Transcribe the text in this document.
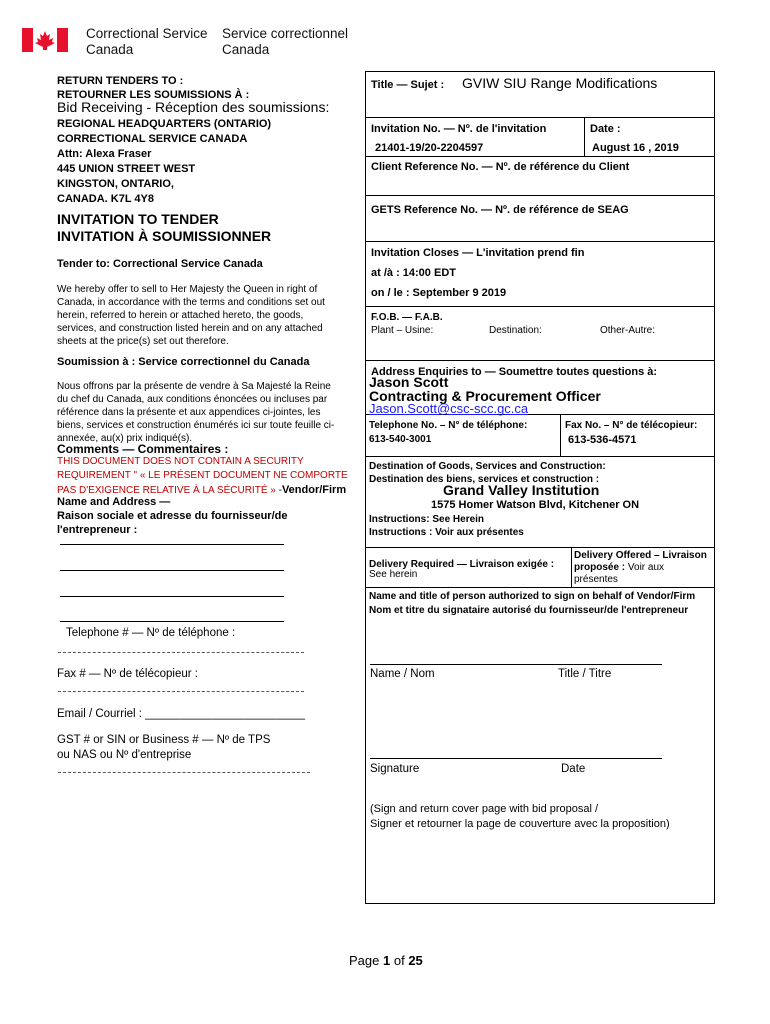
Correctional Service
Canada
Service correctionnel
Canada
RETURN TENDERS TO :
RETOURNER LES SOUMISSIONS À :
Bid Receiving - Réception des soumissions:
REGIONAL HEADQUARTERS (ONTARIO)
CORRECTIONAL SERVICE CANADA
Attn: Alexa Fraser
445 UNION STREET WEST
KINGSTON, ONTARIO,
CANADA. K7L 4Y8
INVITATION TO TENDER
INVITATION À SOUMISSIONNER
Tender to: Correctional Service Canada
We hereby offer to sell to Her Majesty the Queen in right of
Canada, in accordance with the terms and conditions set out
herein, referred to herein or attached hereto, the goods,
services, and construction listed herein and on any attached
sheets at the price(s) set out therefore.
Soumission à : Service correctionnel du Canada
Nous offrons par la présente de vendre à Sa Majesté la Reine
du chef du Canada, aux conditions énoncées ou incluses par
référence dans la présente et aux appendices ci-jointes, les
biens, services et construction énumérés ici sur toute feuille ci-
annexée, au(x) prix indiqué(s).
Comments — Commentaires :
THIS DOCUMENT DOES NOT CONTAIN A SECURITY
REQUIREMENT " « LE PRÉSENT DOCUMENT NE COMPORTE
PAS D'EXIGENCE RELATIVE À LA SÉCURITÉ » -Vendor/Firm
Name and Address —
Raison sociale et adresse du fournisseur/de
l'entrepreneur :
Telephone # — Nº de téléphone :
Fax # — Nº de télécopieur :
Email / Courriel : _________________________
GST # or SIN or Business # — Nº de TPS
ou NAS ou Nº d'entreprise
Title — Sujet : GVIW SIU Range Modifications
Invitation No. — Nº. de l'invitation
21401-19/20-2204597
Date :
August 16 , 2019
Client Reference No. — Nº. de référence du Client
GETS Reference No. — Nº. de référence de SEAG
Invitation Closes — L'invitation prend fin
at /à : 14:00 EDT
on / le : September 9 2019
F.O.B. — F.A.B.
Plant – Usine:	Destination:	Other-Autre:
Address Enquiries to — Soumettre toutes questions à:
Jason Scott
Contracting & Procurement Officer
Jason.Scott@csc-scc.gc.ca
Telephone No. – N° de téléphone:
613-540-3001
Fax No. – N° de télécopieur:
613-536-4571
Destination of Goods, Services and Construction:
Destination des biens, services et construction :
Grand Valley Institution
1575 Homer Watson Blvd, Kitchener ON
Instructions: See Herein
Instructions : Voir aux présentes
Delivery Required — Livraison exigée :
See herein
Delivery Offered – Livraison
proposée : Voir aux
présentes
Name and title of person authorized to sign on behalf of Vendor/Firm
Nom et titre du signataire autorisé du fournisseur/de l'entrepreneur
Name / Nom	Title / Titre
Signature	Date
(Sign and return cover page with bid proposal /
Signer et retourner la page de couverture avec la proposition)
Page 1 of 25
